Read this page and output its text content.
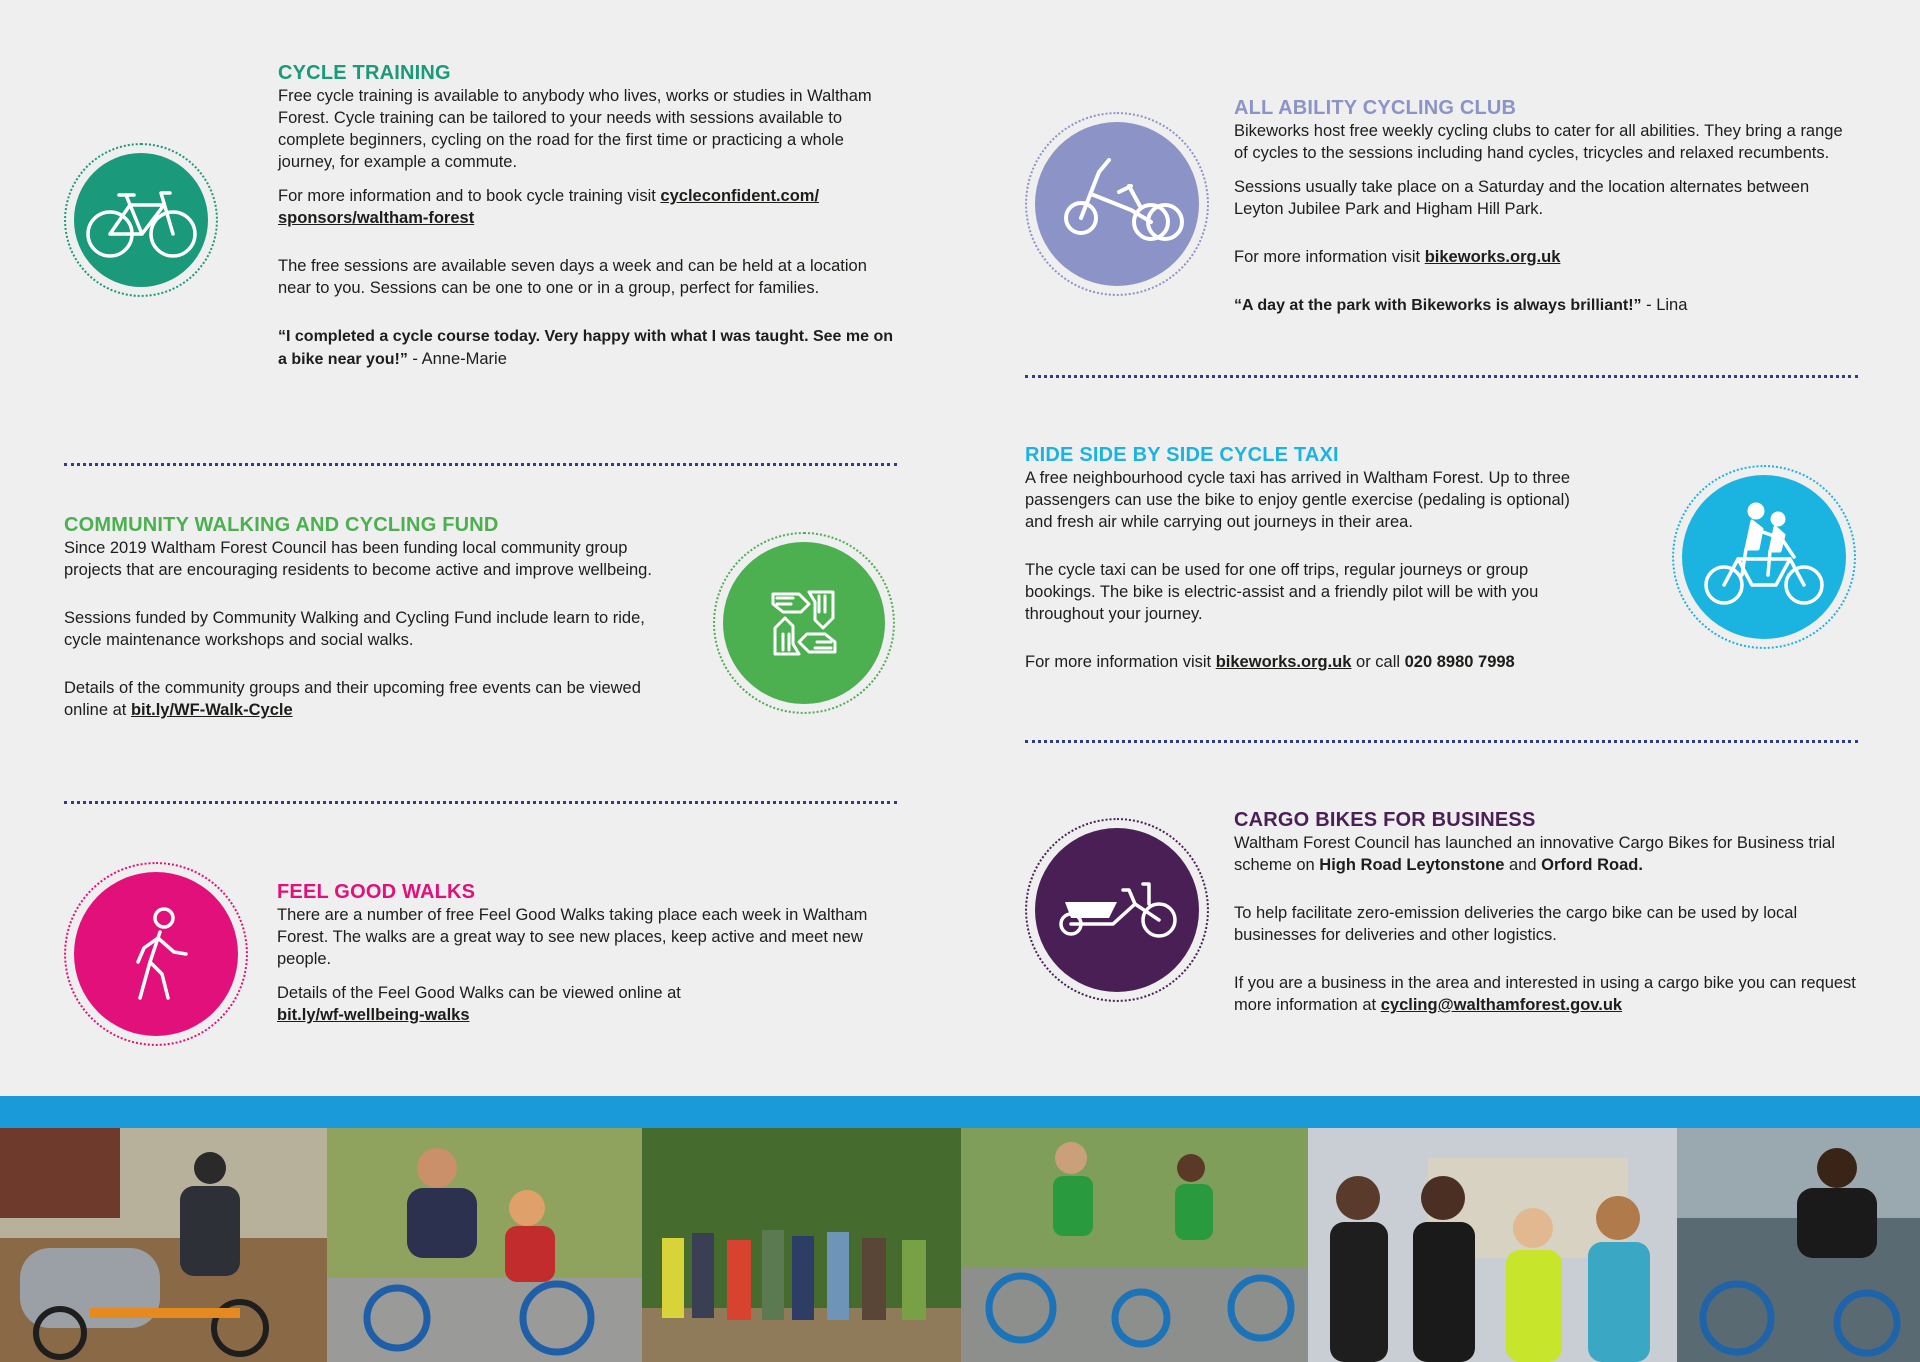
CYCLE TRAINING

Free cycle training is available to anybody who lives, works or studies in Waltham Forest. Cycle training can be tailored to your needs with sessions available to complete beginners, cycling on the road for the first time or practicing a whole journey, for example a commute.

For more information and to book cycle training visit cycleconfident.com/ sponsors/waltham-forest

The free sessions are available seven days a week and can be held at a location near to you. Sessions can be one to one or in a group, perfect for families.

“I completed a cycle course today. Very happy with what I was taught. See me on a bike near you!” - Anne-Marie

COMMUNITY WALKING AND CYCLING FUND

Since 2019 Waltham Forest Council has been funding local community group projects that are encouraging residents to become active and improve wellbeing.

Sessions funded by Community Walking and Cycling Fund include learn to ride, cycle maintenance workshops and social walks.

Details of the community groups and their upcoming free events can be viewed online at bit.ly/WF-Walk-Cycle

FEEL GOOD WALKS

There are a number of free Feel Good Walks taking place each week in Waltham Forest. The walks are a great way to see new places, keep active and meet new people.

Details of the Feel Good Walks can be viewed online at
bit.ly/wf-wellbeing-walks

ALL ABILITY CYCLING CLUB

Bikeworks host free weekly cycling clubs to cater for all abilities. They bring a range of cycles to the sessions including hand cycles, tricycles and relaxed recumbents.

Sessions usually take place on a Saturday and the location alternates between Leyton Jubilee Park and Higham Hill Park.

For more information visit bikeworks.org.uk

“A day at the park with Bikeworks is always brilliant!” - Lina

RIDE SIDE BY SIDE CYCLE TAXI

A free neighbourhood cycle taxi has arrived in Waltham Forest. Up to three passengers can use the bike to enjoy gentle exercise (pedaling is optional) and fresh air while carrying out journeys in their area.

The cycle taxi can be used for one off trips, regular journeys or group bookings. The bike is electric-assist and a friendly pilot will be with you throughout your journey.

For more information visit bikeworks.org.uk or call 020 8980 7998

CARGO BIKES FOR BUSINESS

Waltham Forest Council has launched an innovative Cargo Bikes for Business trial scheme on High Road Leytonstone and Orford Road.

To help facilitate zero-emission deliveries the cargo bike can be used by local businesses for deliveries and other logistics.

If you are a business in the area and interested in using a cargo bike you can request more information at cycling@walthamforest.gov.uk
